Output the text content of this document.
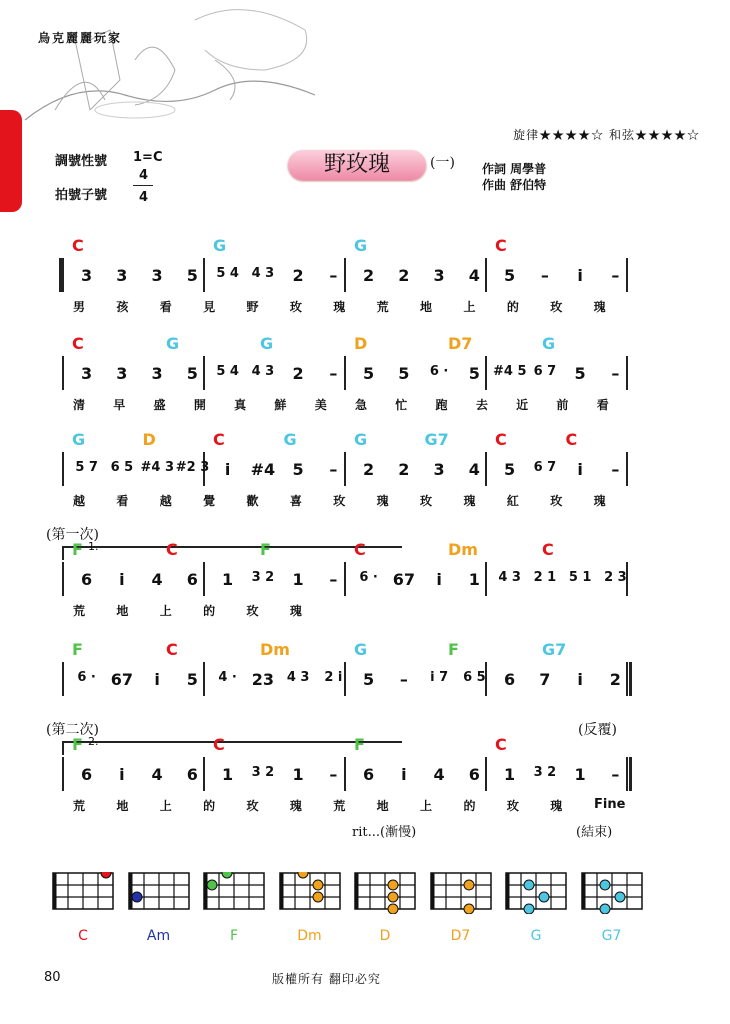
烏克麗麗玩家
旋律★★★★☆ 和弦★★★★☆
調號性號 1=C
拍號子號
4
4
野玫瑰	(一) 作詞 周學普
作曲 舒伯特
C	G	G	C
3	3	3	5	5 4 4 3	2	–	2	2	3	4	5	–	i	–
男	孩	看	見	野	玫	瑰	荒	地	上	的	玫	瑰
C	G	G	D	D7	G
3	3	3	5	5 4 4 3	2	–	5	5	6 ·	5	#4 5 6 7	5	–
清	早	盛	開	真	鮮	美	急	忙	跑	去	近	前	看
G	D	C	G	G	G7	C	C
5 7 6 5 #4 3 #2 3 i	#4	5	–	2	2	3	4	5	6 7	i	–
越	看	越	覺	歡	喜	玫	瑰	玫	瑰	紅	玫	瑰
(第一次)
1.
F	C	F	C	Dm	C
6	i	4	6	1	3 2	1	–	6 · 67	i	1	4 3 2 1 5 1 2 3
荒	地	上	的	玫	瑰
F	C	Dm	G	F	G7
6 · 67	i	5	4 · 23 4 3	2 i	5	–	i 7	6 5	6	7	i	2
(第二次)	(反覆)
2.
F	C	F	C
6	i	4	6	1	3 2	1	–	6	i	4	6	1	3 2	1	–
荒	地	上	的	玫	瑰	荒	地	上	的	玫	瑰	Fine
rit...(漸慢)	(結束)
C	Am	F	Dm	D	D7	G	G7
80	版權所有 翻印必究
